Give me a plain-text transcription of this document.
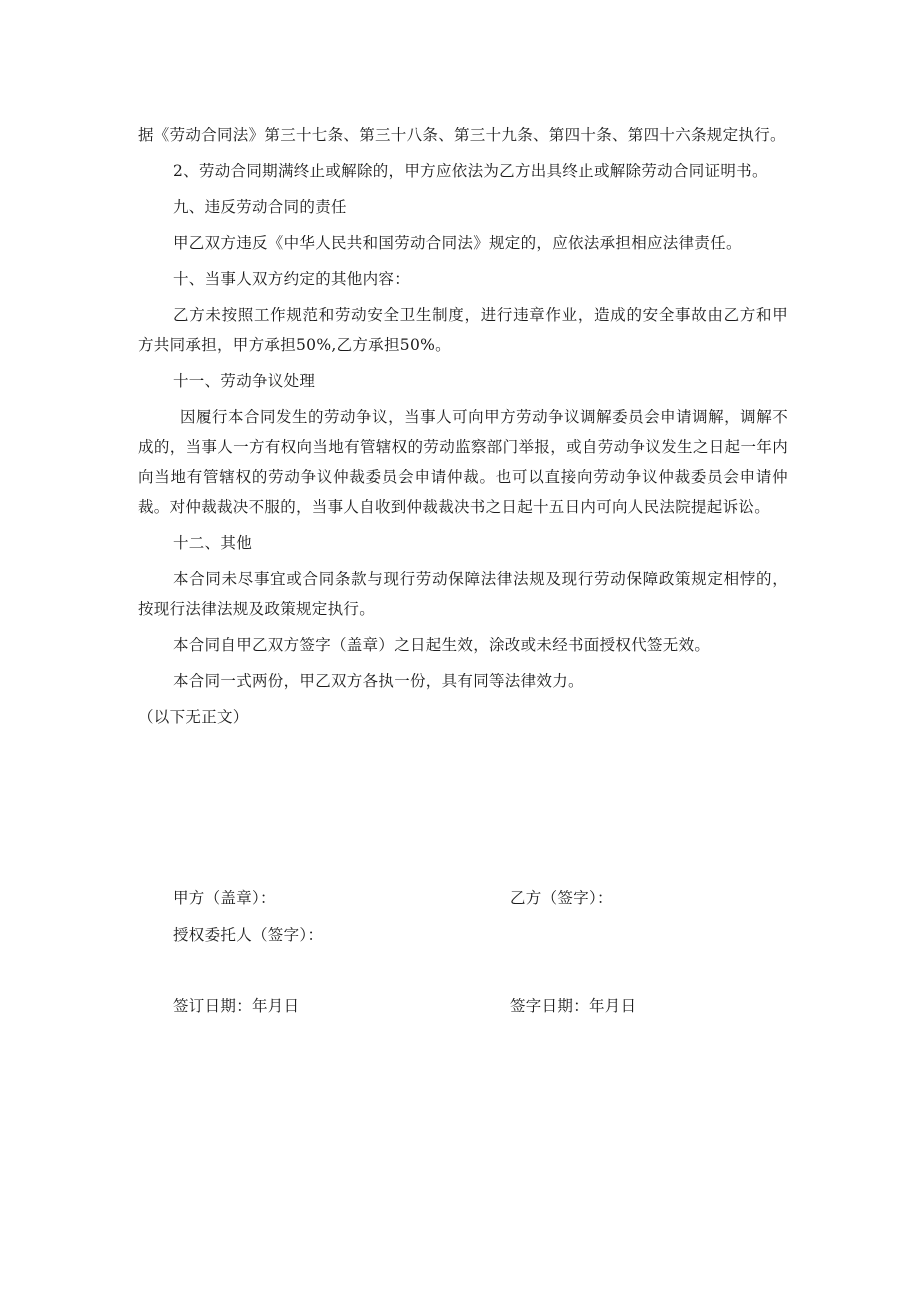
据《劳动合同法》第三十七条、第三十八条、第三十九条、第四十条、第四十六条规定执行。

2、劳动合同期满终止或解除的，甲方应依法为乙方出具终止或解除劳动合同证明书。

九、违反劳动合同的责任

甲乙双方违反《中华人民共和国劳动合同法》规定的，应依法承担相应法律责任。

十、当事人双方约定的其他内容：

乙方未按照工作规范和劳动安全卫生制度，进行违章作业，造成的安全事故由乙方和甲方共同承担，甲方承担50%,乙方承担50%。

十一、劳动争议处理

因履行本合同发生的劳动争议，当事人可向甲方劳动争议调解委员会申请调解，调解不成的，当事人一方有权向当地有管辖权的劳动监察部门举报，或自劳动争议发生之日起一年内向当地有管辖权的劳动争议仲裁委员会申请仲裁。也可以直接向劳动争议仲裁委员会申请仲裁。对仲裁裁决不服的，当事人自收到仲裁裁决书之日起十五日内可向人民法院提起诉讼。

十二、其他

本合同未尽事宜或合同条款与现行劳动保障法律法规及现行劳动保障政策规定相悖的，按现行法律法规及政策规定执行。

本合同自甲乙双方签字（盖章）之日起生效，涂改或未经书面授权代签无效。

本合同一式两份，甲乙双方各执一份，具有同等法律效力。

（以下无正文）

甲方（盖章）：	乙方（签字）：
授权委托人（签字）：
签订日期：年月日	签字日期：年月日
